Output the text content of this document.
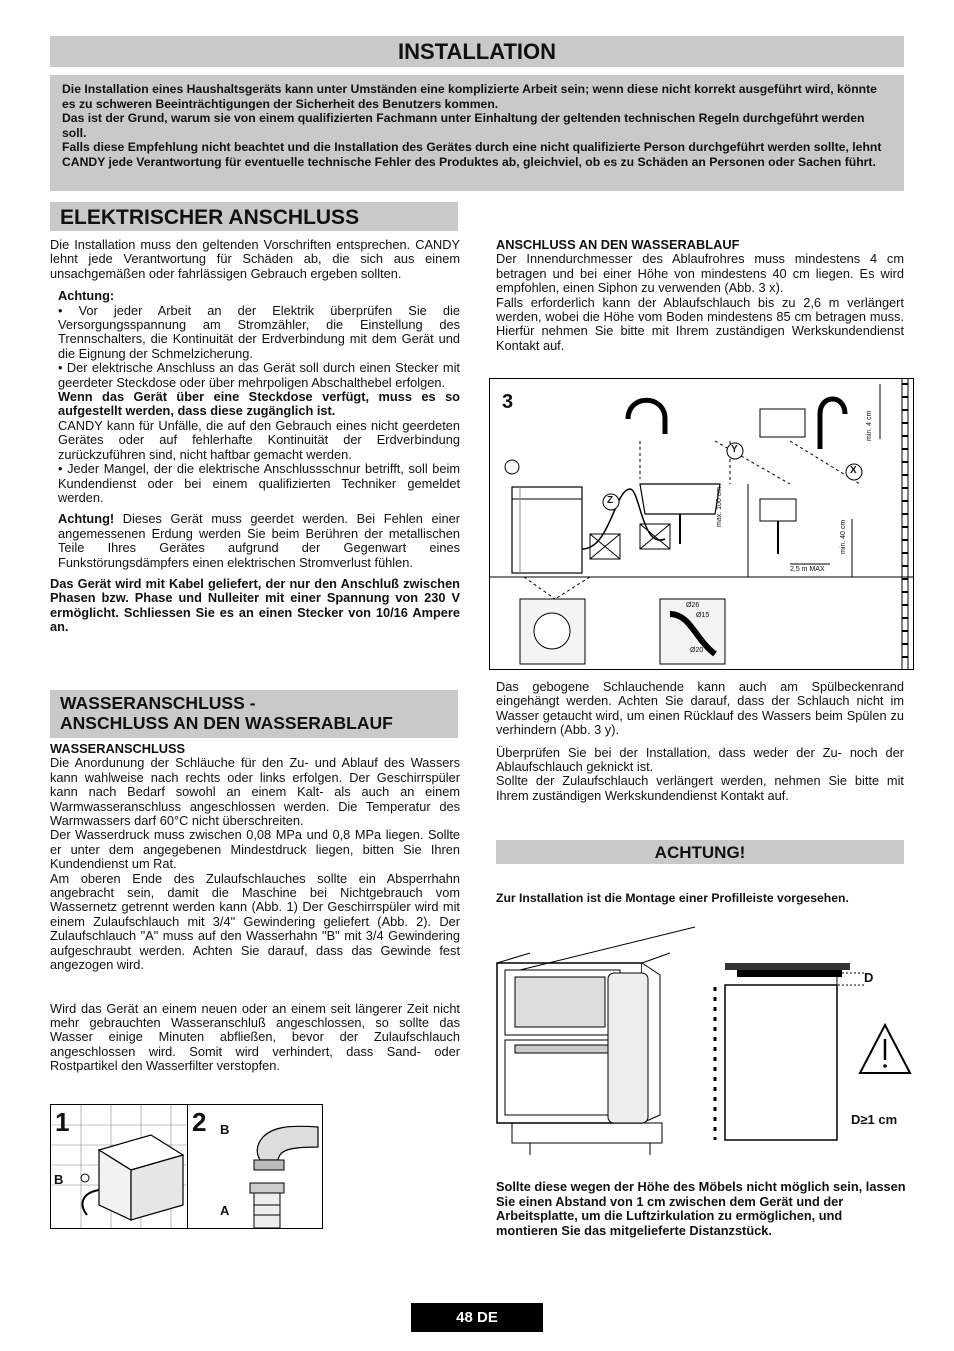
INSTALLATION
Die Installation eines Haushaltsgeräts kann unter Umständen eine komplizierte Arbeit sein; wenn diese nicht korrekt ausgeführt wird, könnte es zu schweren Beeinträchtigungen der Sicherheit des Benutzers kommen.
Das ist der Grund, warum sie von einem qualifizierten Fachmann unter Einhaltung der geltenden technischen Regeln durchgeführt werden soll.
Falls diese Empfehlung nicht beachtet und die Installation des Gerätes durch eine nicht qualifizierte Person durchgeführt werden sollte, lehnt CANDY jede Verantwortung für eventuelle technische Fehler des Produktes ab, gleichviel, ob es zu Schäden an Personen oder Sachen führt.
ELEKTRISCHER ANSCHLUSS

Die Installation muss den geltenden Vorschriften entsprechen. CANDY lehnt jede Verantwortung für Schäden ab, die sich aus einem unsachgemäßen oder fahrlässigen Gebrauch ergeben sollten.

Achtung:

• Vor jeder Arbeit an der Elektrik überprüfen Sie die Versorgungsspannung am Stromzähler, die Einstellung des Trennschalters, die Kontinuität der Erdverbindung mit dem Gerät und die Eignung der Schmelzicherung.

• Der elektrische Anschluss an das Gerät soll durch einen Stecker mit geerdeter Steckdose oder über mehrpoligen Abschalthebel erfolgen.

Wenn das Gerät über eine Steckdose verfügt, muss es so aufgestellt werden, dass diese zugänglich ist.

CANDY kann für Unfälle, die auf den Gebrauch eines nicht geerdeten Gerätes oder auf fehlerhafte Kontinuität der Erdverbindung zurückzuführen sind, nicht haftbar gemacht werden.

• Jeder Mangel, der die elektrische Anschlussschnur betrifft, soll beim Kundendienst oder bei einem qualifizierten Techniker gemeldet werden.

Achtung! Dieses Gerät muss geerdet werden. Bei Fehlen einer angemessenen Erdung werden Sie beim Berühren der metallischen Teile Ihres Gerätes aufgrund der Gegenwart eines Funkstörungsdämpfers einen elektrischen Stromverlust fühlen.

Das Gerät wird mit Kabel geliefert, der nur den Anschluß zwischen Phasen bzw. Phase und Nulleiter mit einer Spannung von 230 V ermöglicht. Schliessen Sie es an einen Stecker von 10/16 Ampere an.

WASSERANSCHLUSS -
ANSCHLUSS AN DEN WASSERABLAUF

WASSERANSCHLUSS

Die Anordunung der Schläuche für den Zu- und Ablauf des Wassers kann wahlweise nach rechts oder links erfolgen. Der Geschirrspüler kann nach Bedarf sowohl an einem Kalt- als auch an einem Warmwasseranschluss angeschlossen werden. Die Temperatur des Warmwassers darf 60°C nicht überschreiten.

Der Wasserdruck muss zwischen 0,08 MPa und 0,8 MPa liegen. Sollte er unter dem angegebenen Mindestdruck liegen, bitten Sie Ihren Kundendienst um Rat.

Am oberen Ende des Zulaufschlauches sollte ein Absperrhahn angebracht sein, damit die Maschine bei Nichtgebrauch vom Wassernetz getrennt werden kann (Abb. 1) Der Geschirrspüler wird mit einem Zulaufschlauch mit 3/4" Gewindering geliefert (Abb. 2). Der Zulaufschlauch "A" muss auf den Wasserhahn "B" mit 3/4 Gewindering aufgeschraubt werden. Achten Sie darauf, dass das Gewinde fest angezogen wird.

Wird das Gerät an einem neuen oder an einem seit längerer Zeit nicht mehr gebrauchten Wasseranschluß angeschlossen, so sollte das Wasser einige Minuten abfließen, bevor der Zulaufschlauch angeschlossen wird. Somit wird verhindert, dass Sand- oder Rostpartikel den Wasserfilter verstopfen.

1
B
2 B
A

ANSCHLUSS AN DEN WASSERABLAUF

Der Innendurchmesser des Ablaufrohres muss mindestens 4 cm betragen und bei einer Höhe von mindestens 40 cm liegen. Es wird empfohlen, einen Siphon zu verwenden (Abb. 3 x).

Falls erforderlich kann der Ablaufschlauch bis zu 2,6 m verlängert werden, wobei die Höhe vom Boden mindestens 85 cm betragen muss. Hierfür nehmen Sie bitte mit Ihrem zuständigen Werkskundendienst Kontakt auf.

3
Y
X
Z	max. 100 cm
min. 40 cm
2,5 m MAX
min. 4 cm
Ø26
Ø15
Ø20

Das gebogene Schlauchende kann auch am Spülbeckenrand eingehängt werden. Achten Sie darauf, dass der Schlauch nicht im Wasser getaucht wird, um einen Rücklauf des Wassers beim Spülen zu verhindern (Abb. 3 y).

Überprüfen Sie bei der Installation, dass weder der Zu- noch der Ablaufschlauch geknickt ist.

Sollte der Zulaufschlauch verlängert werden, nehmen Sie bitte mit Ihrem zuständigen Werkskundendienst Kontakt auf.

ACHTUNG!
Zur Installation ist die Montage einer Profilleiste vorgesehen.
D
D≥1 cm
Sollte diese wegen der Höhe des Möbels nicht möglich sein, lassen Sie einen Abstand von 1 cm zwischen dem Gerät und der Arbeitsplatte, um die Luftzirkulation zu ermöglichen, und montieren Sie das mitgelieferte Distanzstück.
48 DE
